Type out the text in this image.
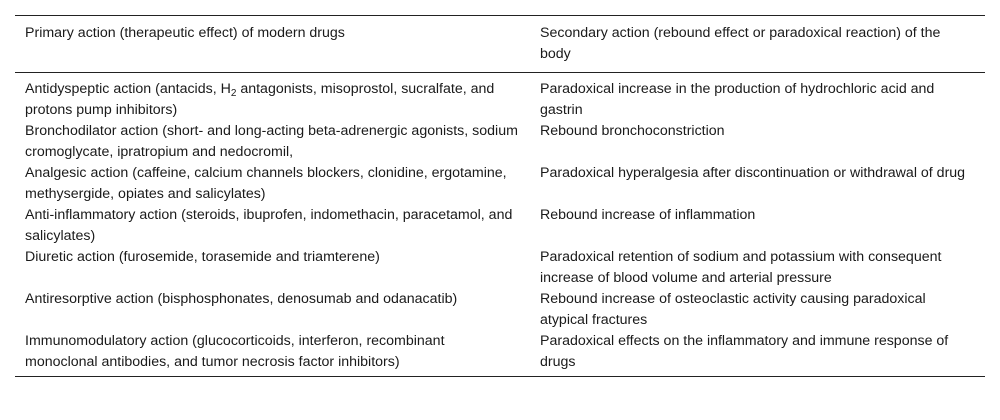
Primary action (therapeutic effect) of modern drugs	Secondary action (rebound effect or paradoxical reaction) of the body
Antidyspeptic action (antacids, $H_2$ antagonists, misoprostol, sucralfate, and protons pump inhibitors)	Paradoxical increase in the production of hydrochloric acid and gastrin
Bronchodilator action (short- and long-acting beta-adrenergic agonists, sodium cromoglycate, ipratropium and nedocromil,	Rebound bronchoconstriction
Analgesic action (caffeine, calcium channels blockers, clonidine, ergotamine, methysergide, opiates and salicylates)	Paradoxical hyperalgesia after discontinuation or withdrawal of drug
Anti-inflammatory action (steroids, ibuprofen, indomethacin, paracetamol, and salicylates)	Rebound increase of inflammation
Diuretic action (furosemide, torasemide and triamterene)	Paradoxical retention of sodium and potassium with consequent increase of blood volume and arterial pressure
Antiresorptive action (bisphosphonates, denosumab and odanacatib)	Rebound increase of osteoclastic activity causing paradoxical atypical fractures
Immunomodulatory action (glucocorticoids, interferon, recombinant monoclonal antibodies, and tumor necrosis factor inhibitors)	Paradoxical effects on the inflammatory and immune response of drugs
